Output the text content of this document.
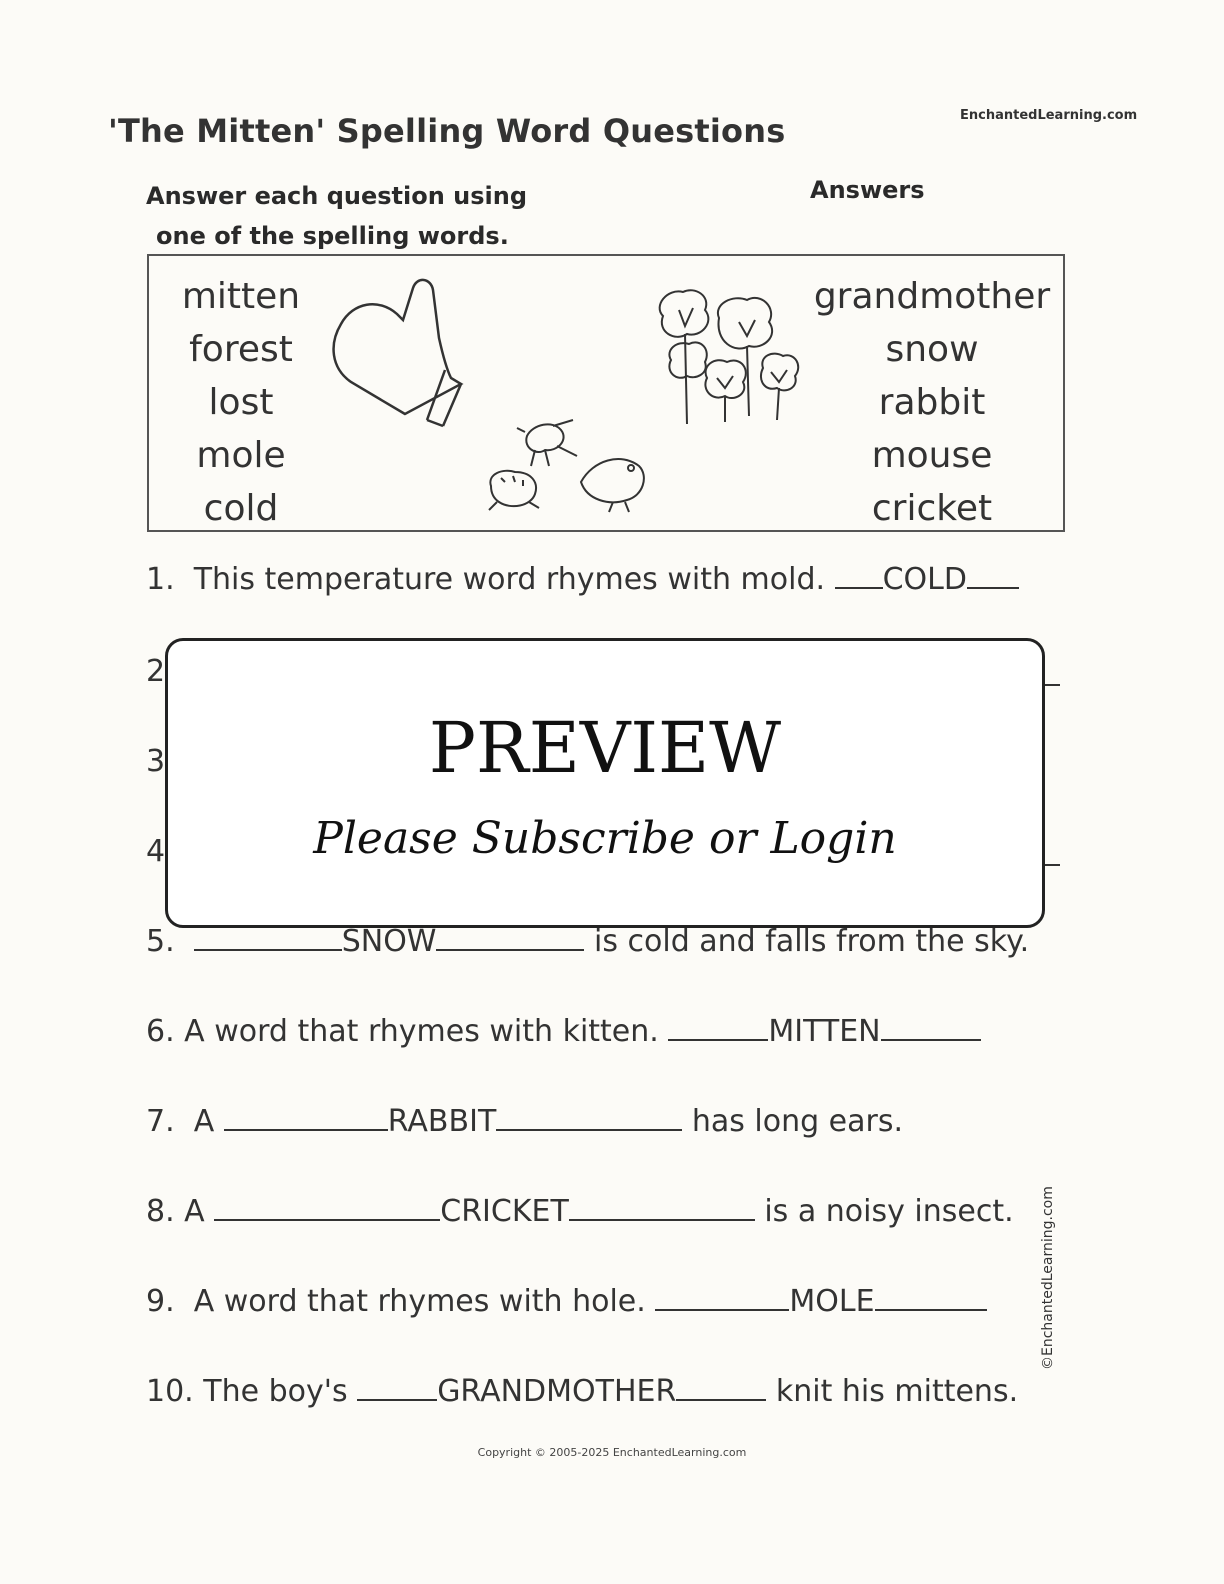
EnchantedLearning.com
'The Mitten' Spelling Word Questions
Answer each question using
one of the spelling words.
Answers
mitten
forest
lost
mole
cold
grandmother
snow
rabbit
mouse
cricket
1. This temperature word rhymes with mold. COLD
2
3
4
PREVIEW
Please Subscribe or Login
5.	SNOW	is cold and falls from the sky.
6. A word that rhymes with kitten.	MITTEN
7. A	RABBIT	has long ears.
8. A	CRICKET	is a noisy insect.
9. A word that rhymes with hole.	MOLE
10. The boy's	GRANDMOTHER	knit his mittens.
©EnchantedLearning.com
Copyright © 2005-2025 EnchantedLearning.com
